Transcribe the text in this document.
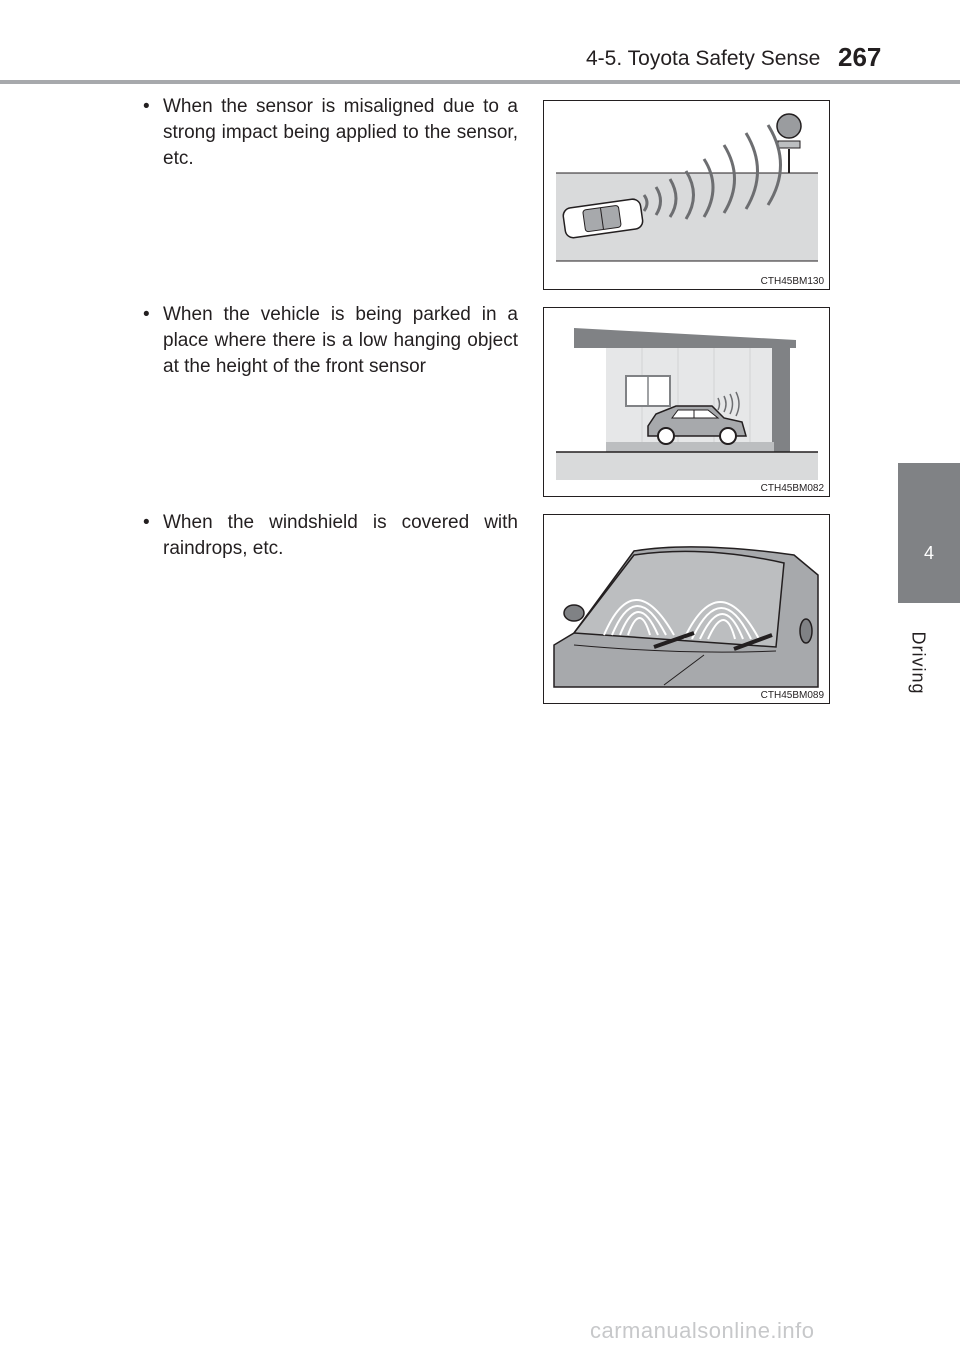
4-5. Toyota Safety Sense 267
4
Driving
• When the sensor is misaligned due to a strong impact being applied to the sensor, etc.
CTH45BM130
• When the vehicle is being parked in a place where there is a low hanging object at the height of the front sensor
CTH45BM082
• When the windshield is covered with raindrops, etc.
CTH45BM089
carmanualsonline.info
